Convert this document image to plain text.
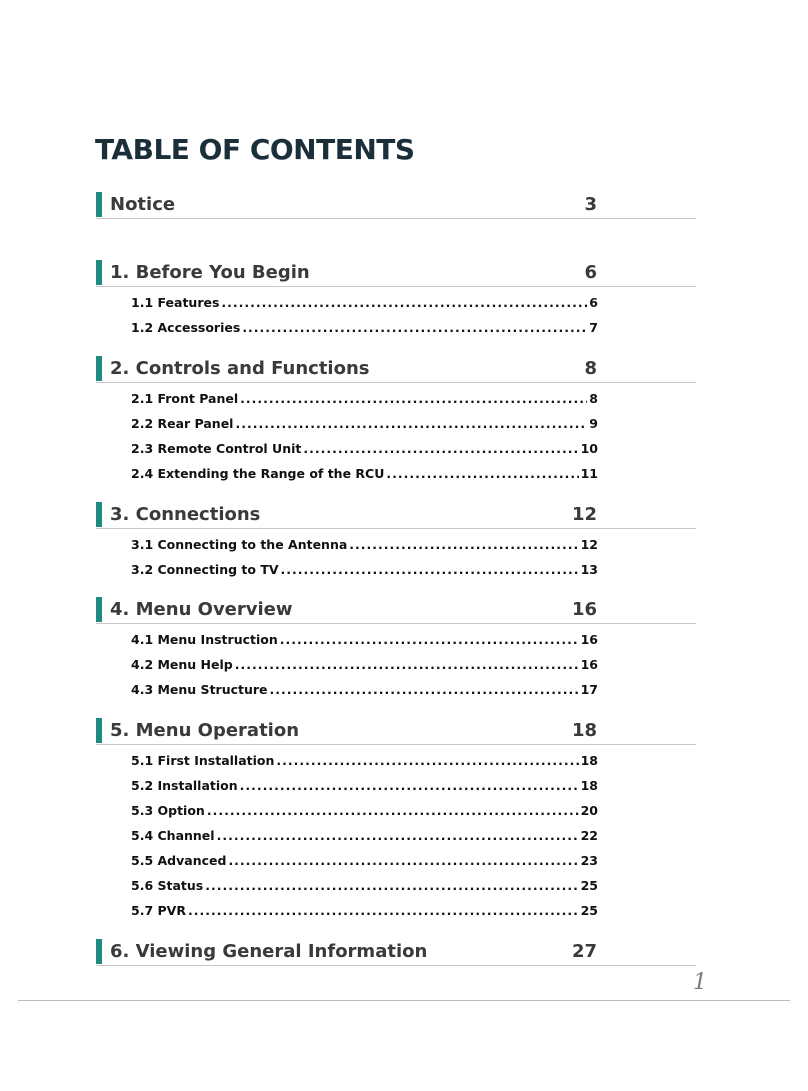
TABLE OF CONTENTS
Notice	3
1. Before You Begin	6
1.1 Features .....	6
1.2 Accessories .....	7
2. Controls and Functions	8
2.1 Front Panel .....	8
2.2 Rear Panel .....	9
2.3 Remote Control Unit .....	10
2.4 Extending the Range of the RCU .....	11
3. Connections	12
3.1 Connecting to the Antenna .....	12
3.2 Connecting to TV .....	13
4. Menu Overview	16
4.1 Menu Instruction .....	16
4.2 Menu Help .....	16
4.3 Menu Structure .....	17
5. Menu Operation	18
5.1 First Installation .....	18
5.2 Installation .....	18
5.3 Option .....	20
5.4 Channel .....	22
5.5 Advanced .....	23
5.6 Status .....	25
5.7 PVR .....	25
6. Viewing General Information	27
1
